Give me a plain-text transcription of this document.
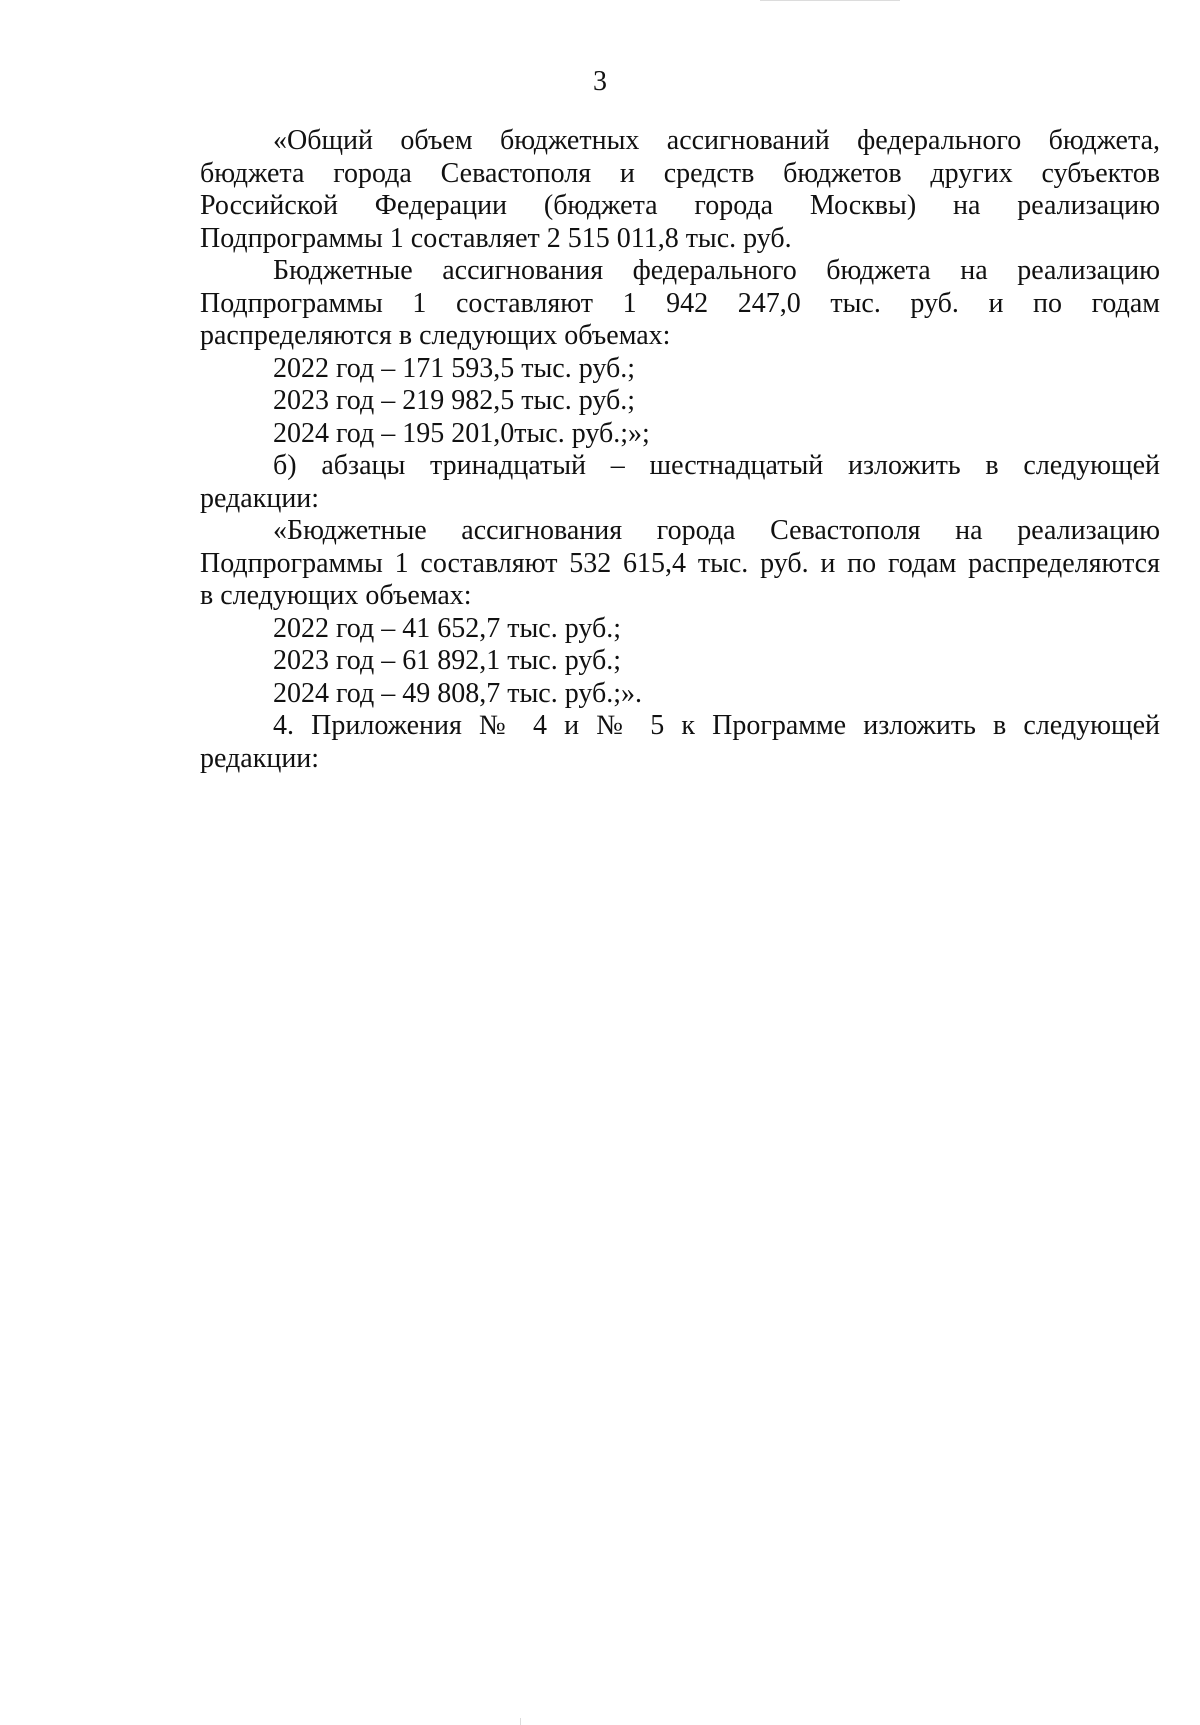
3
«Общий объем бюджетных ассигнований федерального бюджета,
бюджета города Севастополя и средств бюджетов других субъектов
Российской Федерации (бюджета города Москвы) на реализацию
Подпрограммы 1 составляет 2 515 011,8 тыс. руб.
Бюджетные ассигнования федерального бюджета на реализацию
Подпрограммы 1 составляют 1 942 247,0 тыс. руб. и по годам
распределяются в следующих объемах:
2022 год – 171 593,5 тыс. руб.;
2023 год – 219 982,5 тыс. руб.;
2024 год – 195 201,0тыс. руб.;»;
б) абзацы тринадцатый – шестнадцатый изложить в следующей
редакции:
«Бюджетные ассигнования города Севастополя на реализацию
Подпрограммы 1 составляют 532 615,4 тыс. руб. и по годам распределяются
в следующих объемах:
2022 год – 41 652,7 тыс. руб.;
2023 год – 61 892,1 тыс. руб.;
2024 год – 49 808,7 тыс. руб.;».
4. Приложения № 4 и № 5 к Программе изложить в следующей
редакции:
